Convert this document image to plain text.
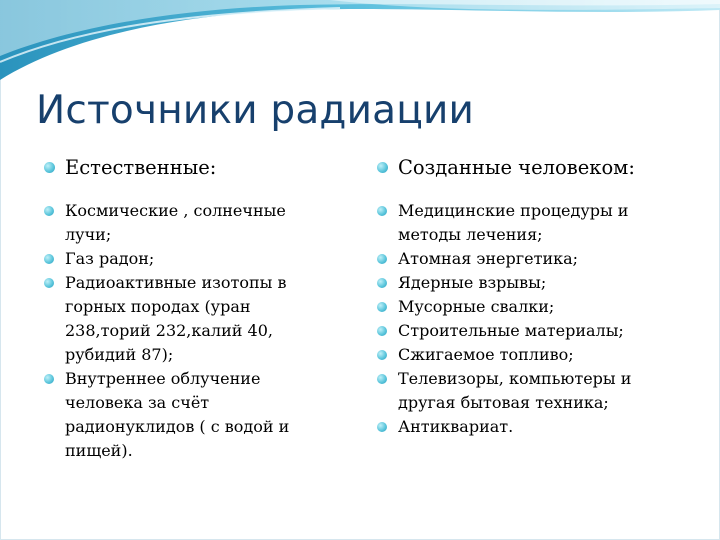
Источники радиации
Естественные:
Космические , солнечные лучи;
Газ радон;
Радиоактивные изотопы в горных породах (уран 238,торий 232,калий 40, рубидий 87);
Внутреннее облучение человека за счёт радионуклидов ( с водой и пищей).
Созданные человеком:
Медицинские процедуры и методы лечения;
Атомная энергетика;
Ядерные взрывы;
Мусорные свалки;
Строительные материалы;
Сжигаемое топливо;
Телевизоры, компьютеры и другая бытовая техника;
Антиквариат.
